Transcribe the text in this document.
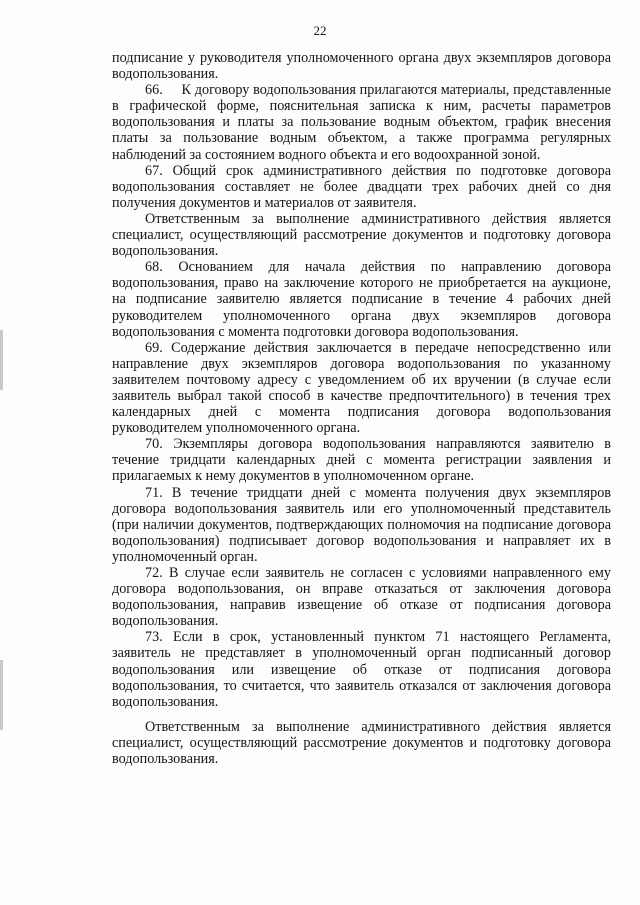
22

подписание у руководителя уполномоченного органа двух экземпляров договора водопользования.

66.     К договору водопользования прилагаются материалы, представленные в графической форме, пояснительная записка к ним, расчеты параметров водопользования и платы за пользование водным объектом, график внесения платы за пользование водным объектом, а также программа регулярных наблюдений за состоянием водного объекта и его водоохранной зоной.

67. Общий срок административного действия по подготовке договора водопользования составляет не более двадцати трех рабочих дней со дня получения документов и материалов от заявителя.

Ответственным за выполнение административного действия является специалист, осуществляющий рассмотрение документов и подготовку договора водопользования.

68. Основанием для начала действия по направлению договора водопользования, право на заключение которого не приобретается на аукционе, на подписание заявителю является подписание в течение 4 рабочих дней руководителем уполномоченного органа двух экземпляров договора водопользования с момента подготовки договора водопользования.

69. Содержание действия заключается в передаче непосредственно или направление двух экземпляров договора водопользования по указанному заявителем почтовому адресу с уведомлением об их вручении (в случае если заявитель выбрал такой способ в качестве предпочтительного) в течения трех календарных дней с момента подписания договора водопользования руководителем уполномоченного органа.

70. Экземпляры договора водопользования направляются заявителю в течение тридцати календарных дней с момента регистрации заявления и прилагаемых к нему документов в уполномоченном органе.

71. В течение тридцати дней с момента получения двух экземпляров договора водопользования заявитель или его уполномоченный представитель (при наличии документов, подтверждающих полномочия на подписание договора водопользования) подписывает договор водопользования и направляет их в уполномоченный орган.

72. В случае если заявитель не согласен с условиями направленного ему договора водопользования, он вправе отказаться от заключения договора водопользования, направив извещение об отказе от подписания договора водопользования.

73. Если в срок, установленный пунктом 71 настоящего Регламента, заявитель не представляет в уполномоченный орган подписанный договор водопользования или извещение об отказе от подписания договора водопользования, то считается, что заявитель отказался от заключения договора водопользования.

Ответственным за выполнение административного действия является специалист, осуществляющий рассмотрение документов и подготовку договора водопользования.
